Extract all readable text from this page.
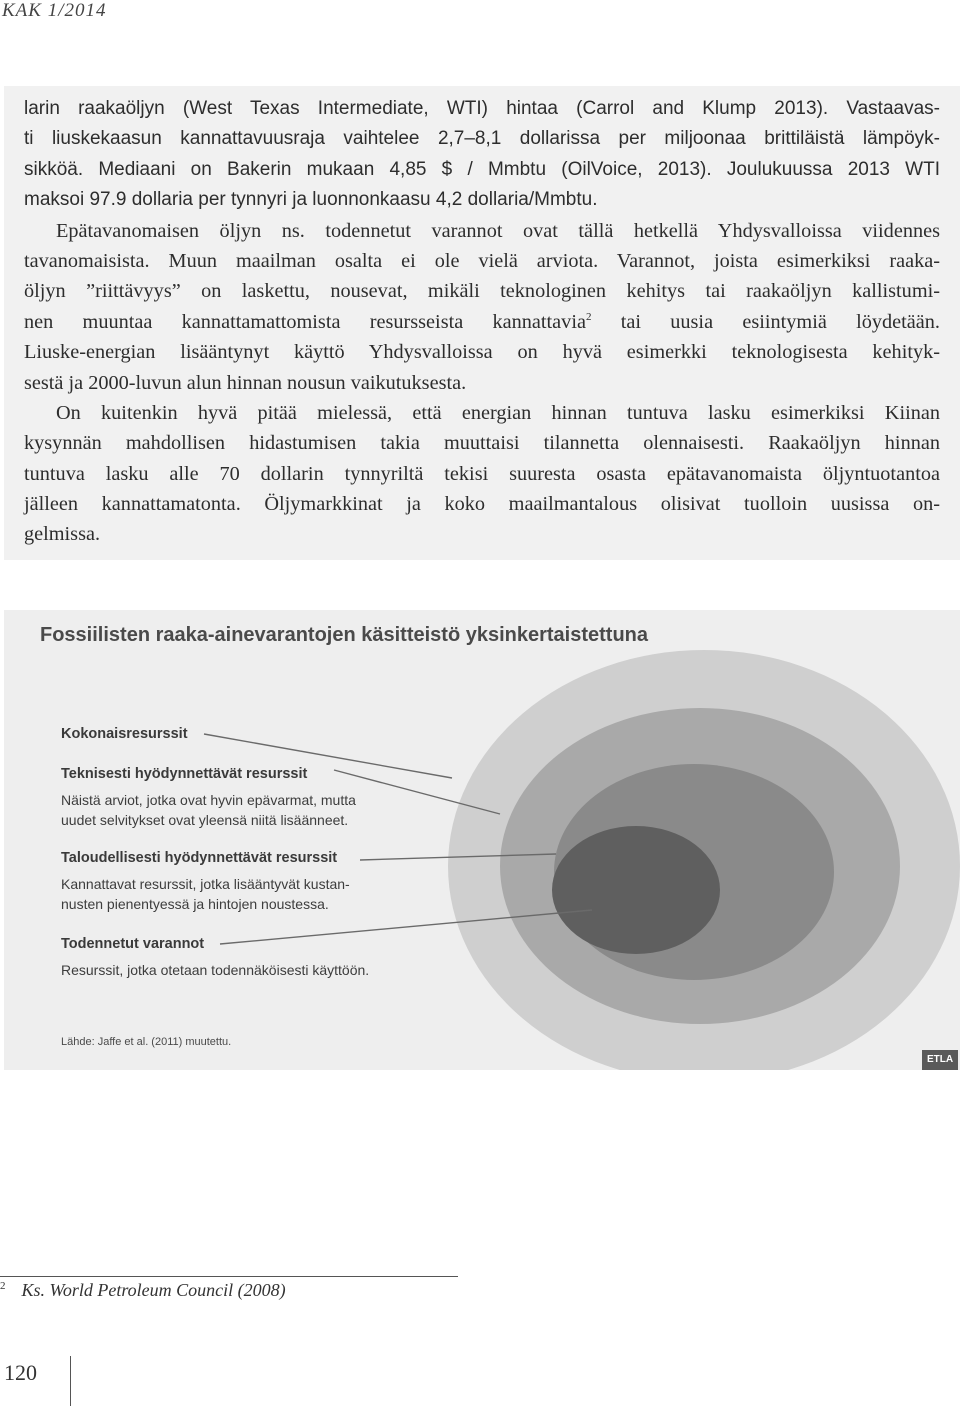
KAK 1/2014
larin raakaöljyn (West Texas Intermediate, WTI) hintaa (Carrol and Klump 2013). Vastaavas-
ti liuskekaasun kannattavuusraja vaihtelee 2,7–8,1 dollarissa per miljoonaa brittiläistä lämpöyk-
sikköä. Mediaani on Bakerin mukaan 4,85 $ / Mmbtu (OilVoice, 2013). Joulukuussa 2013 WTI
maksoi 97.9 dollaria per tynnyri ja luonnonkaasu 4,2 dollaria/Mmbtu.
Epätavanomaisen öljyn ns. todennetut varannot ovat tällä hetkellä Yhdysvalloissa viidennes
tavanomaisista. Muun maailman osalta ei ole vielä arviota. Varannot, joista esimerkiksi raaka-
öljyn ”riittävyys” on laskettu, nousevat, mikäli teknologinen kehitys tai raakaöljyn kallistumi-
nen muuntaa kannattamattomista resursseista kannattavia$^2$ tai uusia esiintymiä löydetään.
Liuske-energian lisääntynyt käyttö Yhdysvalloissa on hyvä esimerkki teknologisesta kehityk-
sestä ja 2000-luvun alun hinnan nousun vaikutuksesta.
On kuitenkin hyvä pitää mielessä, että energian hinnan tuntuva lasku esimerkiksi Kiinan
kysynnän mahdollisen hidastumisen takia muuttaisi tilannetta olennaisesti. Raakaöljyn hinnan
tuntuva lasku alle 70 dollarin tynnyriltä tekisi suuresta osasta epätavanomaista öljyntuotantoa
jälleen kannattamatonta. Öljymarkkinat ja koko maailmantalous olisivat tuolloin uusissa on-
gelmissa.
Fossiilisten raaka-ainevarantojen käsitteistö yksinkertaistettuna
Kokonaisresurssit
Teknisesti hyödynnettävät resurssit
Näistä arviot, jotka ovat hyvin epävarmat, mutta
uudet selvitykset ovat yleensä niitä lisäänneet.
Taloudellisesti hyödynnettävät resurssit
Kannattavat resurssit, jotka lisääntyvät kustan-
nusten pienentyessä ja hintojen noustessa.
Todennetut varannot
Resurssit, jotka otetaan todennäköisesti käyttöön.
Lähde: Jaffe et al. (2011) muutettu.
ETLA
$^2$ Ks. World Petroleum Council (2008)
120
